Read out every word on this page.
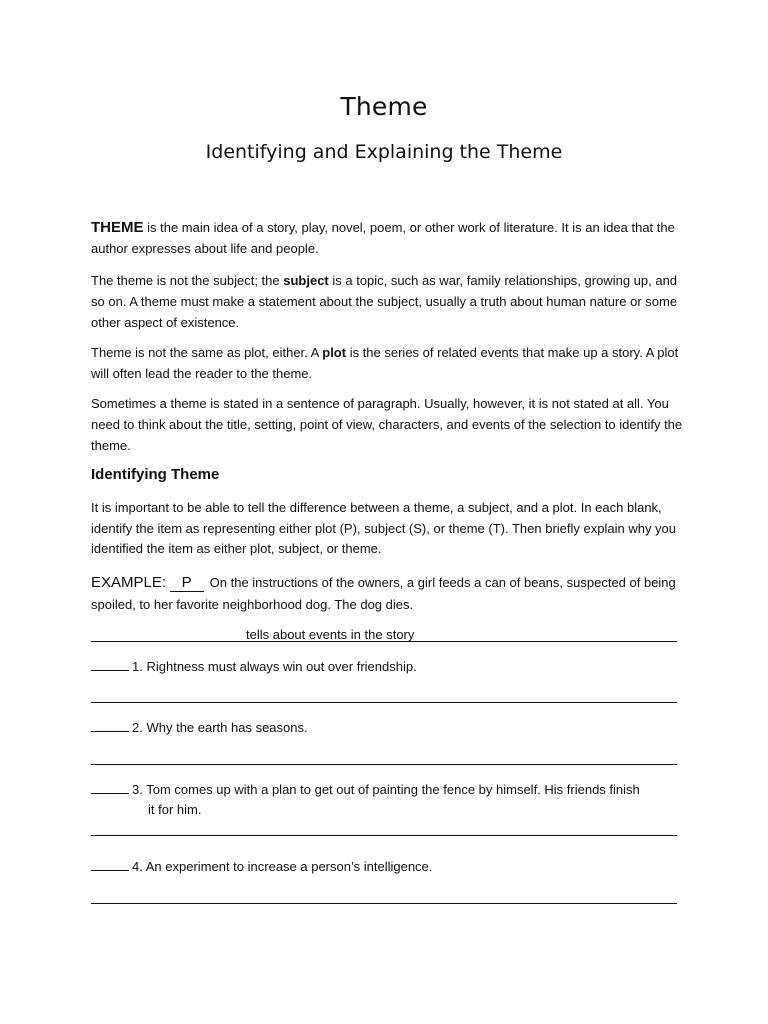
Theme
Identifying and Explaining the Theme

THEME is the main idea of a story, play, novel, poem, or other work of literature. It is an idea that the author expresses about life and people.

The theme is not the subject; the subject is a topic, such as war, family relationships, growing up, and so on. A theme must make a statement about the subject, usually a truth about human nature or some other aspect of existence.

Theme is not the same as plot, either. A plot is the series of related events that make up a story. A plot will often lead the reader to the theme.

Sometimes a theme is stated in a sentence of paragraph. Usually, however, it is not stated at all. You need to think about the title, setting, point of view, characters, and events of the selection to identify the theme.

Identifying Theme

It is important to be able to tell the difference between a theme, a subject, and a plot. In each blank, identify the item as representing either plot (P), subject (S), or theme (T). Then briefly explain why you identified the item as either plot, subject, or theme.

EXAMPLE: P On the instructions of the owners, a girl feeds a can of beans, suspected of being spoiled, to her favorite neighborhood dog. The dog dies.

tells about events in the story
1. Rightness must always win out over friendship.
2. Why the earth has seasons.
3. Tom comes up with a plan to get out of painting the fence by himself. His friends finish
it for him.
4. An experiment to increase a person’s intelligence.
